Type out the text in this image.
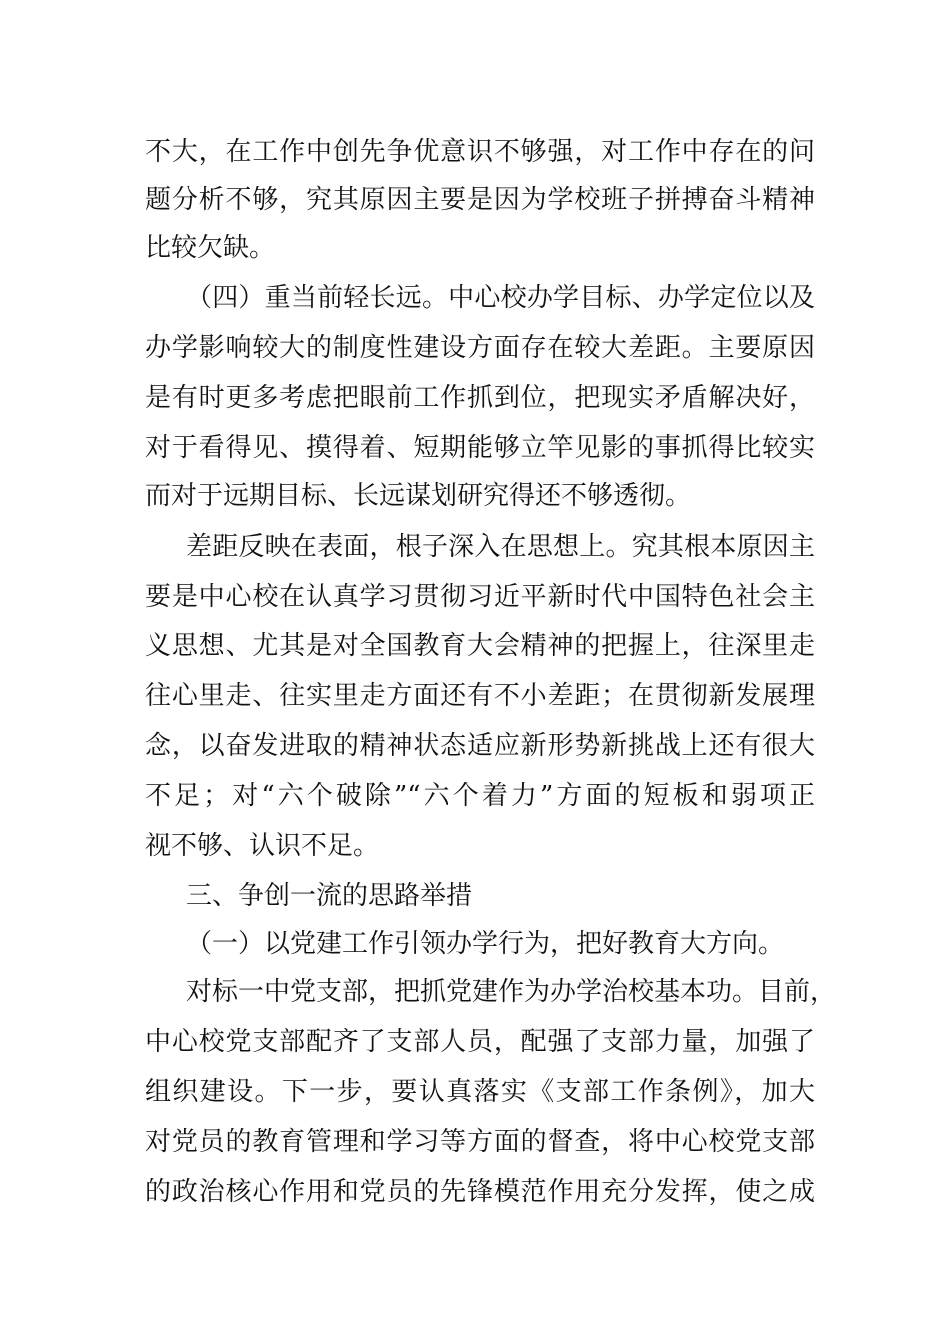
不大，在工作中创先争优意识不够强，对工作中存在的问
题分析不够，究其原因主要是因为学校班子拼搏奋斗精神
比较欠缺。
（四）重当前轻长远。中心校办学目标、办学定位以及
办学影响较大的制度性建设方面存在较大差距。主要原因
是有时更多考虑把眼前工作抓到位，把现实矛盾解决好，
对于看得见、摸得着、短期能够立竿见影的事抓得比较实
而对于远期目标、长远谋划研究得还不够透彻。
差距反映在表面，根子深入在思想上。究其根本原因主
要是中心校在认真学习贯彻习近平新时代中国特色社会主
义思想、尤其是对全国教育大会精神的把握上，往深里走
往心里走、往实里走方面还有不小差距；在贯彻新发展理
念，以奋发进取的精神状态适应新形势新挑战上还有很大
不足；对“六个破除”“六个着力”方面的短板和弱项正
视不够、认识不足。
三、争创一流的思路举措
（一）以党建工作引领办学行为，把好教育大方向。
对标一中党支部，把抓党建作为办学治校基本功。目前，
中心校党支部配齐了支部人员，配强了支部力量，加强了
组织建设。下一步，要认真落实《支部工作条例》，加大
对党员的教育管理和学习等方面的督查，将中心校党支部
的政治核心作用和党员的先锋模范作用充分发挥，使之成
